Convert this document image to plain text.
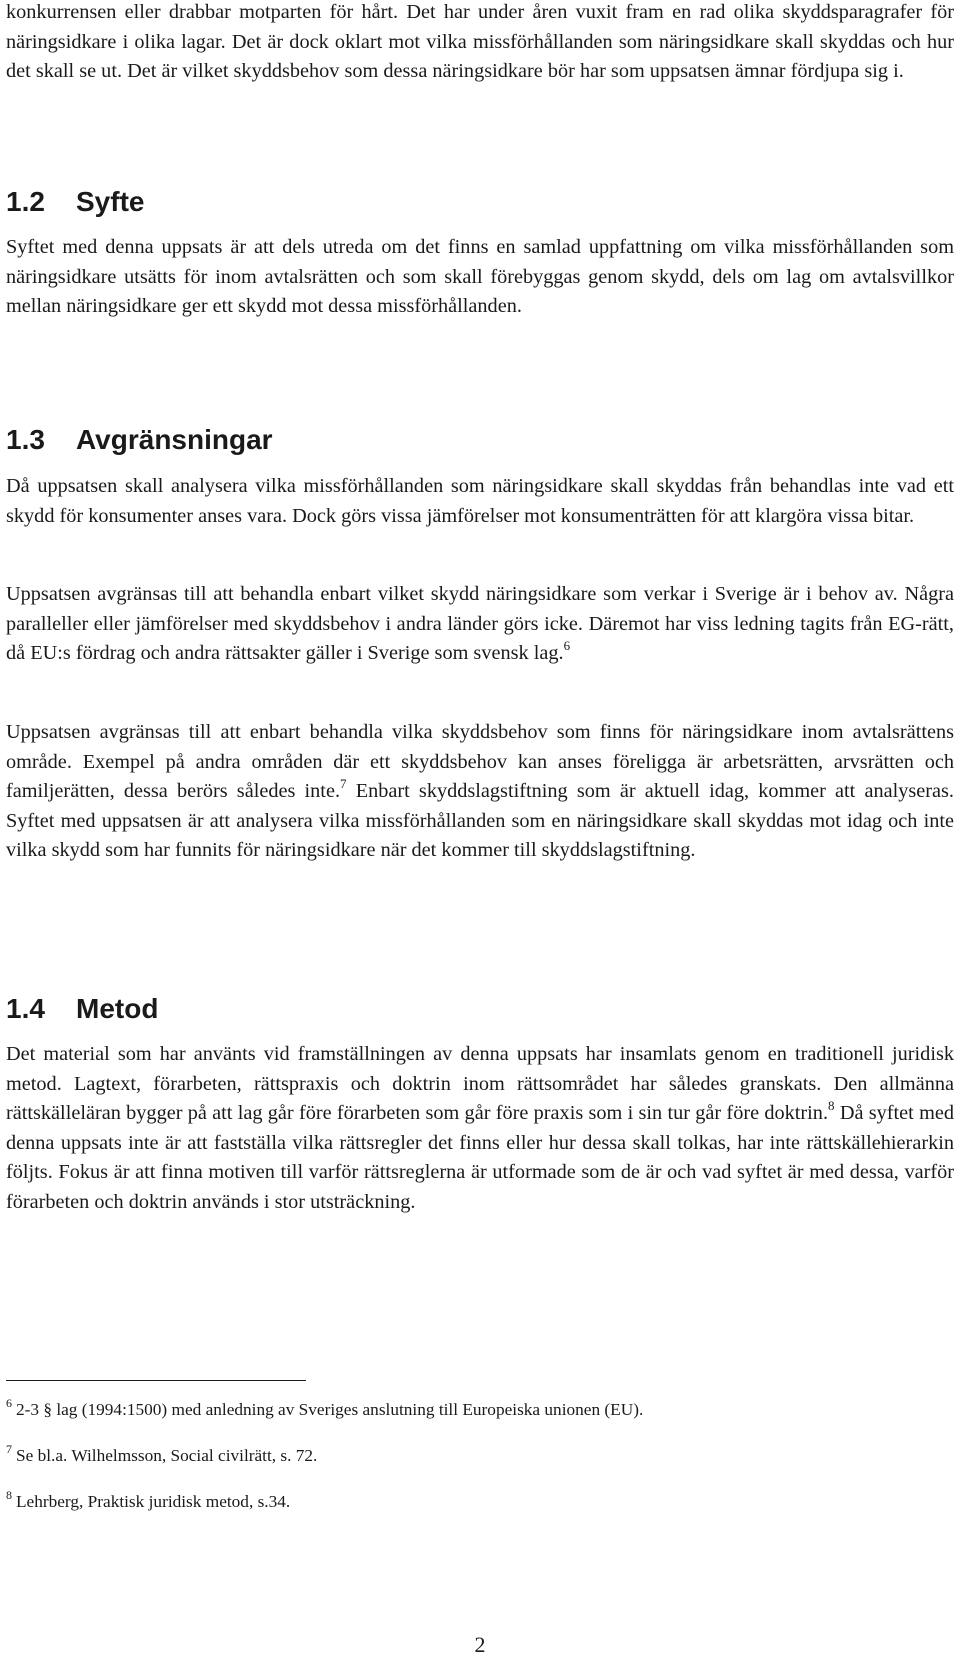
konkurrensen eller drabbar motparten för hårt. Det har under åren vuxit fram en rad olika skyddsparagrafer för näringsidkare i olika lagar. Det är dock oklart mot vilka missförhållanden som näringsidkare skall skyddas och hur det skall se ut. Det är vilket skyddsbehov som dessa näringsidkare bör har som uppsatsen ämnar fördjupa sig i.

1.2 Syfte

Syftet med denna uppsats är att dels utreda om det finns en samlad uppfattning om vilka missförhållanden som näringsidkare utsätts för inom avtalsrätten och som skall förebyggas genom skydd, dels om lag om avtalsvillkor mellan näringsidkare ger ett skydd mot dessa missförhållanden.

1.3 Avgränsningar

Då uppsatsen skall analysera vilka missförhållanden som näringsidkare skall skyddas från behandlas inte vad ett skydd för konsumenter anses vara. Dock görs vissa jämförelser mot konsumenträtten för att klargöra vissa bitar.

Uppsatsen avgränsas till att behandla enbart vilket skydd näringsidkare som verkar i Sverige är i behov av. Några paralleller eller jämförelser med skyddsbehov i andra länder görs icke. Däremot har viss ledning tagits från EG-rätt, då EU:s fördrag och andra rättsakter gäller i Sverige som svensk lag.$^6$

Uppsatsen avgränsas till att enbart behandla vilka skyddsbehov som finns för näringsidkare inom avtalsrättens område. Exempel på andra områden där ett skyddsbehov kan anses föreligga är arbetsrätten, arvsrätten och familjerätten, dessa berörs således inte.$^7$ Enbart skyddslagstiftning som är aktuell idag, kommer att analyseras. Syftet med uppsatsen är att analysera vilka missförhållanden som en näringsidkare skall skyddas mot idag och inte vilka skydd som har funnits för näringsidkare när det kommer till skyddslagstiftning.

1.4 Metod

Det material som har använts vid framställningen av denna uppsats har insamlats genom en traditionell juridisk metod. Lagtext, förarbeten, rättspraxis och doktrin inom rättsområdet har således granskats. Den allmänna rättskälleläran bygger på att lag går före förarbeten som går före praxis som i sin tur går före doktrin.$^8$ Då syftet med denna uppsats inte är att fastställa vilka rättsregler det finns eller hur dessa skall tolkas, har inte rättskällehierarkin följts. Fokus är att finna motiven till varför rättsreglerna är utformade som de är och vad syftet är med dessa, varför förarbeten och doktrin används i stor utsträckning.

$^6$ 2-3 § lag (1994:1500) med anledning av Sveriges anslutning till Europeiska unionen (EU).
$^7$ Se bl.a. Wilhelmsson, Social civilrätt, s. 72.
$^8$ Lehrberg, Praktisk juridisk metod, s.34.
2
